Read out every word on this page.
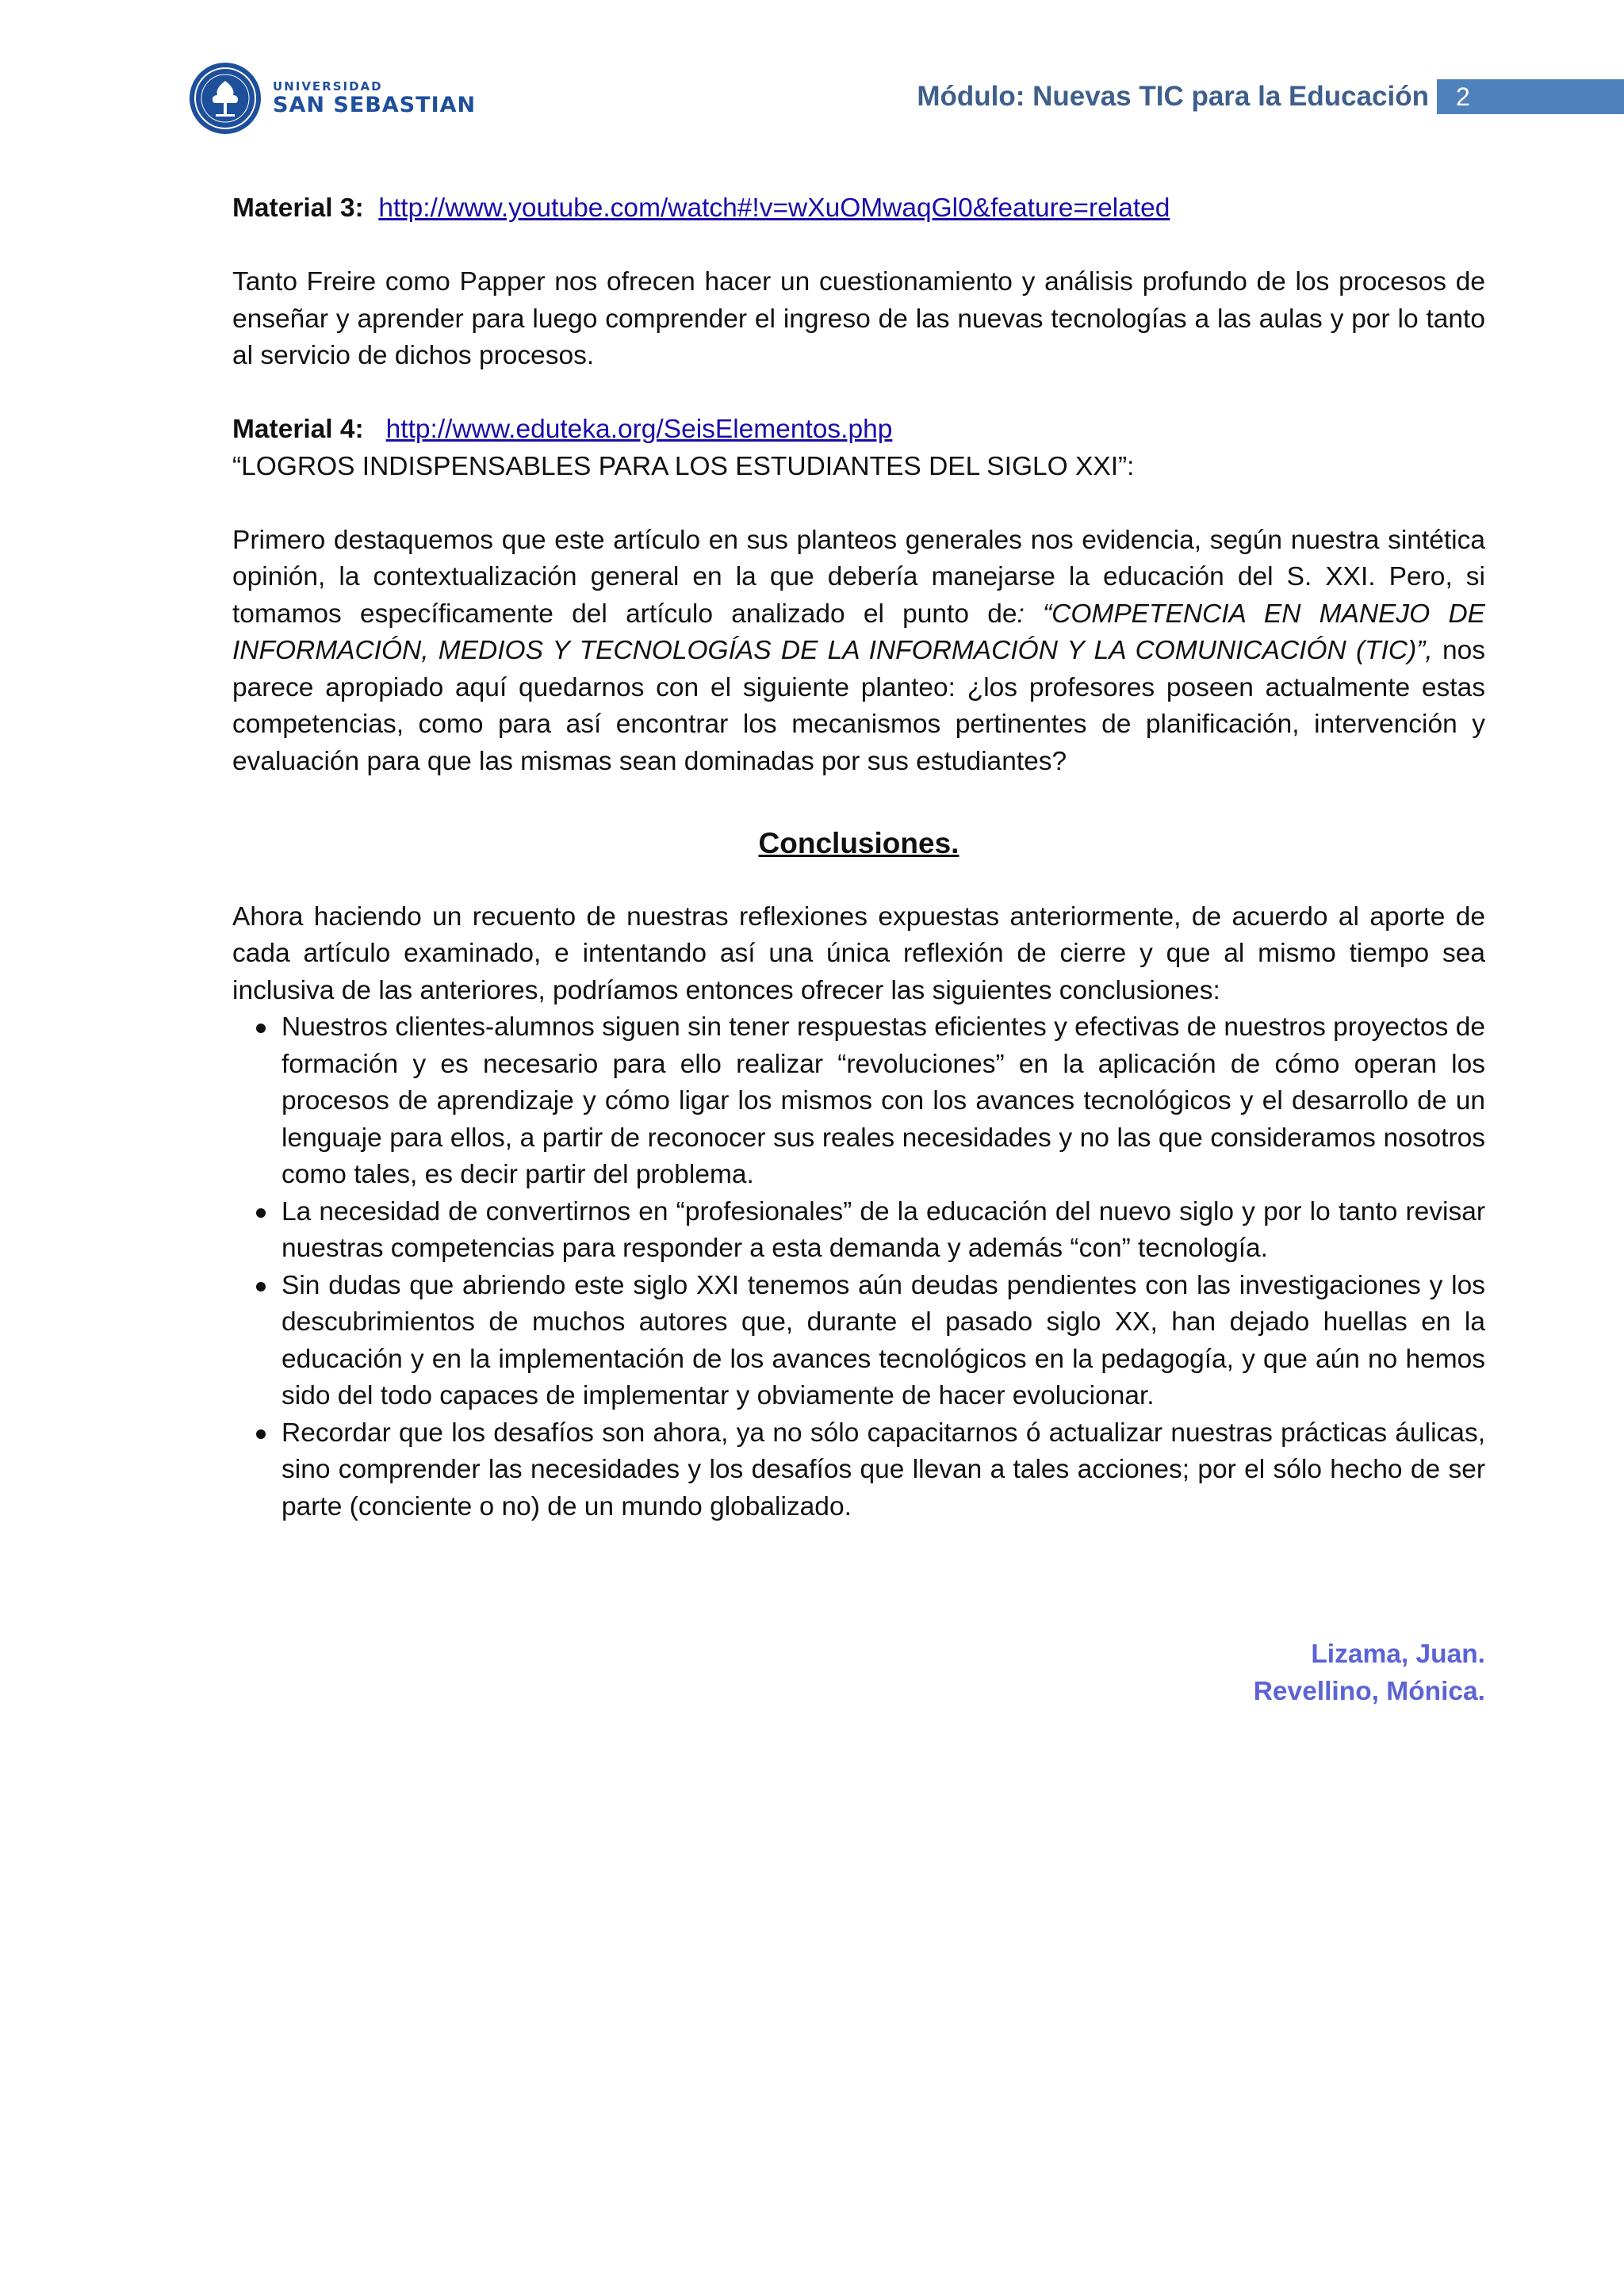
UNIVERSIDAD
SAN SEBASTIAN	Módulo: Nuevas TIC para la Educación	2

Material 3: http://www.youtube.com/watch#!v=wXuOMwaqGl0&feature=related

Tanto Freire como Papper nos ofrecen hacer un cuestionamiento y análisis profundo de los procesos de enseñar y aprender para luego comprender el ingreso de las nuevas tecnologías a las aulas y por lo tanto al servicio de dichos procesos.

Material 4: http://www.eduteka.org/SeisElementos.php

“LOGROS INDISPENSABLES PARA LOS ESTUDIANTES DEL SIGLO XXI”:

Primero destaquemos que este artículo en sus planteos generales nos evidencia, según nuestra sintética opinión, la contextualización general en la que debería manejarse la educación del S. XXI. Pero, si tomamos específicamente del artículo analizado el punto de: “COMPETENCIA EN MANEJO DE INFORMACIÓN, MEDIOS Y TECNOLOGÍAS DE LA INFORMACIÓN Y LA COMUNICACIÓN (TIC)”, nos parece apropiado aquí quedarnos con el siguiente planteo: ¿los profesores poseen actualmente estas competencias, como para así encontrar los mecanismos pertinentes de planificación, intervención y evaluación para que las mismas sean dominadas por sus estudiantes?

Conclusiones.

Ahora haciendo un recuento de nuestras reflexiones expuestas anteriormente, de acuerdo al aporte de cada artículo examinado, e intentando así una única reflexión de cierre y que al mismo tiempo sea inclusiva de las anteriores, podríamos entonces ofrecer las siguientes conclusiones:

Nuestros clientes-alumnos siguen sin tener respuestas eficientes y efectivas de nuestros proyectos de formación y es necesario para ello realizar “revoluciones” en la aplicación de cómo operan los procesos de aprendizaje y cómo ligar los mismos con los avances tecnológicos y el desarrollo de un lenguaje para ellos, a partir de reconocer sus reales necesidades y no las que consideramos nosotros como tales, es decir partir del problema.
La necesidad de convertirnos en “profesionales” de la educación del nuevo siglo y por lo tanto revisar nuestras competencias para responder a esta demanda y además “con” tecnología.
Sin dudas que abriendo este siglo XXI tenemos aún deudas pendientes con las investigaciones y los descubrimientos de muchos autores que, durante el pasado siglo XX, han dejado huellas en la educación y en la implementación de los avances tecnológicos en la pedagogía, y que aún no hemos sido del todo capaces de implementar y obviamente de hacer evolucionar.
Recordar que los desafíos son ahora, ya no sólo capacitarnos ó actualizar nuestras prácticas áulicas, sino comprender las necesidades y los desafíos que llevan a tales acciones; por el sólo hecho de ser parte (conciente o no) de un mundo globalizado.

Lizama, Juan.

Revellino, Mónica.
